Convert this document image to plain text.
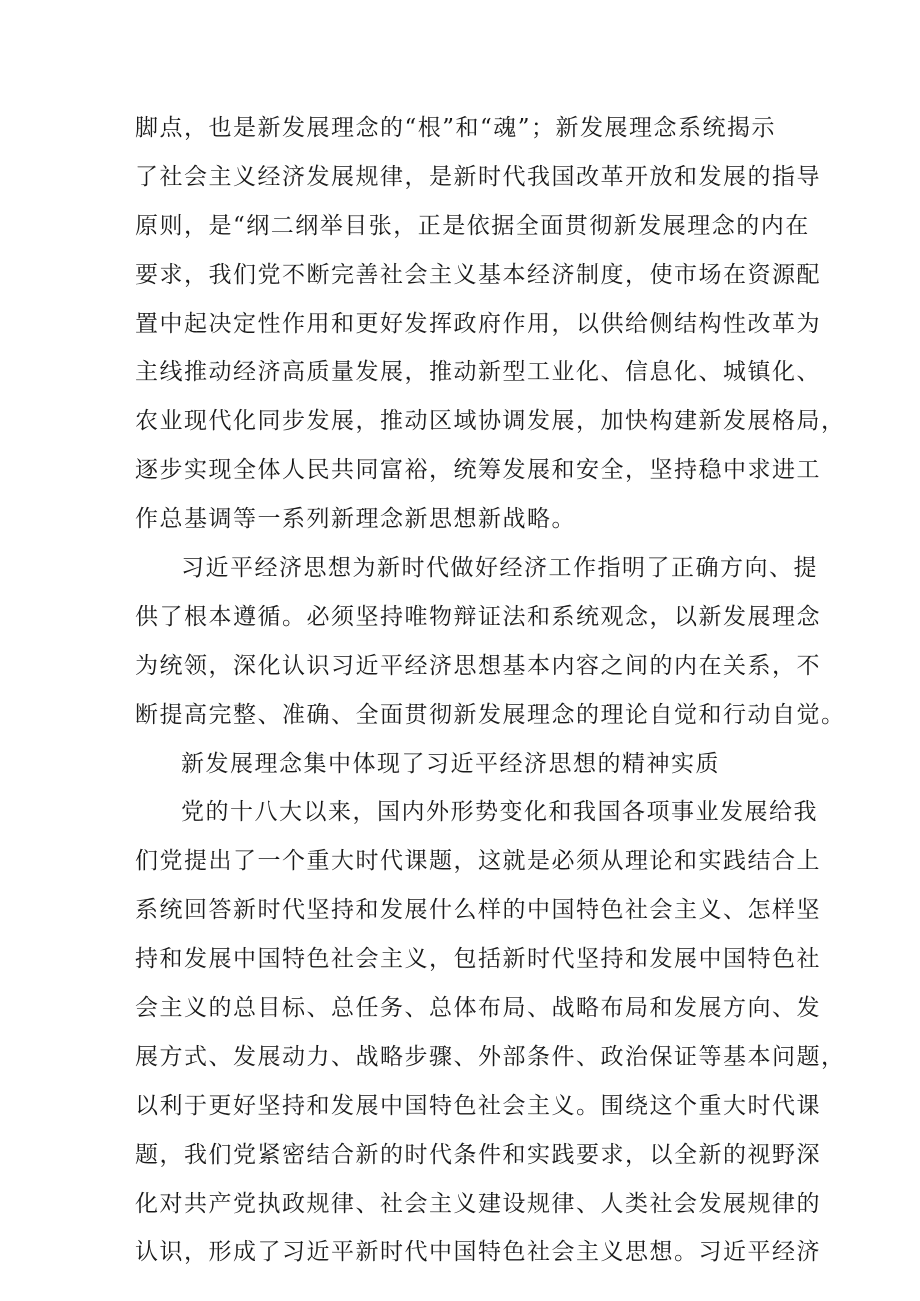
脚点，也是新发展理念的“根”和“魂”；新发展理念系统揭示
了社会主义经济发展规律，是新时代我国改革开放和发展的指导
原则，是“纲二纲举目张，正是依据全面贯彻新发展理念的内在
要求，我们党不断完善社会主义基本经济制度，使市场在资源配
置中起决定性作用和更好发挥政府作用，以供给侧结构性改革为
主线推动经济高质量发展，推动新型工业化、信息化、城镇化、
农业现代化同步发展，推动区域协调发展，加快构建新发展格局，
逐步实现全体人民共同富裕，统筹发展和安全，坚持稳中求进工
作总基调等一系列新理念新思想新战略。
习近平经济思想为新时代做好经济工作指明了正确方向、提
供了根本遵循。必须坚持唯物辩证法和系统观念，以新发展理念
为统领，深化认识习近平经济思想基本内容之间的内在关系，不
断提高完整、准确、全面贯彻新发展理念的理论自觉和行动自觉。
新发展理念集中体现了习近平经济思想的精神实质
党的十八大以来，国内外形势变化和我国各项事业发展给我
们党提出了一个重大时代课题，这就是必须从理论和实践结合上
系统回答新时代坚持和发展什么样的中国特色社会主义、怎样坚
持和发展中国特色社会主义，包括新时代坚持和发展中国特色社
会主义的总目标、总任务、总体布局、战略布局和发展方向、发
展方式、发展动力、战略步骤、外部条件、政治保证等基本问题，
以利于更好坚持和发展中国特色社会主义。围绕这个重大时代课
题，我们党紧密结合新的时代条件和实践要求，以全新的视野深
化对共产党执政规律、社会主义建设规律、人类社会发展规律的
认识，形成了习近平新时代中国特色社会主义思想。习近平经济
